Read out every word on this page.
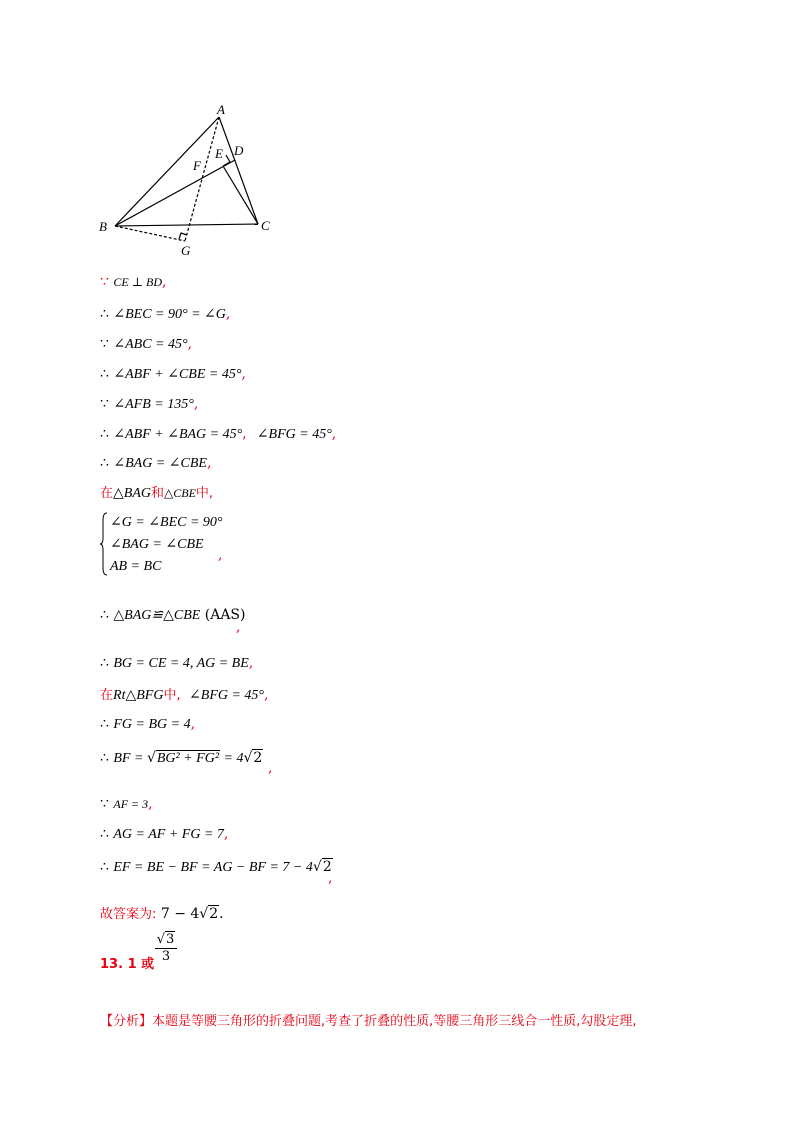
A
B	C
D
E
F
G
∵ CE ⊥ BD,
∴ ∠BEC = 90° = ∠G,
∵ ∠ABC = 45°,
∴ ∠ABF + ∠CBE = 45°,
∵ ∠AFB = 135°,
∴ ∠ABF + ∠BAG = 45°, ∠BFG = 45°,
∴ ∠BAG = ∠CBE,
在△BAG和△CBE中,
∠G = ∠BEC = 90°
∠BAG = ∠CBE
AB = BC
,
∴ △BAG≌△CBE (AAS)
,
∴ BG = CE = 4, AG = BE,
在Rt△BFG中, ∠BFG = 45°,
∴ FG = BG = 4,
∴ BF = √BG² + FG² = 4√2
,
∵ AF = 3,
∴ AG = AF + FG = 7,
∴ EF = BE − BF = AG − BF = 7 − 4√2
,
故答案为: 7 − 4√2.
13. 1 或
$\frac{√3}{3}$
【分析】本题是等腰三角形的折叠问题,考查了折叠的性质,等腰三角形三线合一性质,勾股定理,
